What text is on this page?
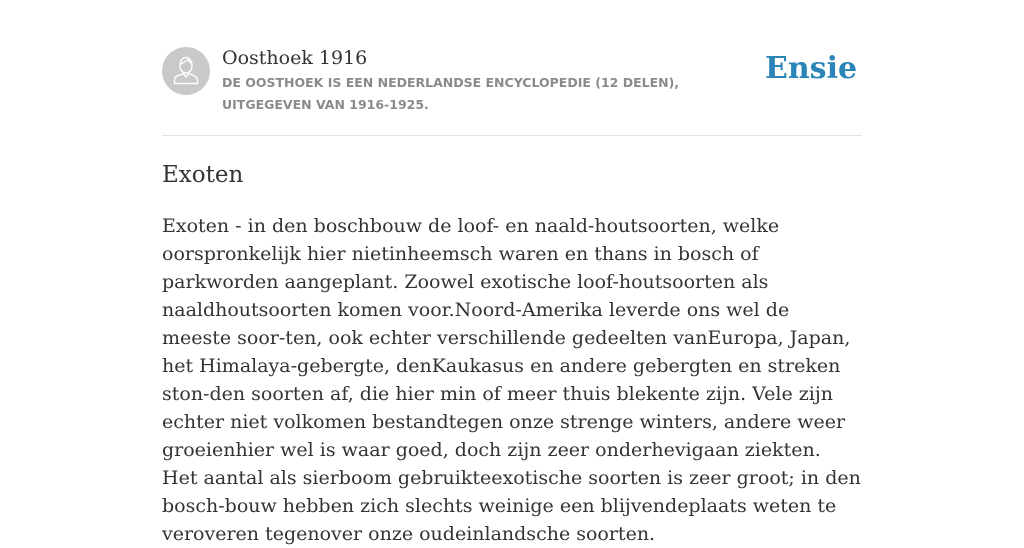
Oosthoek 1916
DE OOSTHOEK IS EEN NEDERLANDSE ENCYCLOPEDIE (12 DELEN), UITGEGEVEN VAN 1916-1925.
Ensie
Exoten

Exoten - in den boschbouw de loof- en naald-houtsoorten, welke oorspronkelijk hier nietinheemsch waren en thans in bosch of parkworden aangeplant. Zoowel exotische loof-houtsoorten als naaldhoutsoorten komen voor.Noord-Amerika leverde ons wel de meeste soor-ten, ook echter verschillende gedeelten vanEuropa, Japan, het Himalaya-gebergte, denKaukasus en andere gebergten en streken ston-den soorten af, die hier min of meer thuis blekente zijn. Vele zijn echter niet volkomen bestandtegen onze strenge winters, andere weer groeienhier wel is waar goed, doch zijn zeer onderhevigaan ziekten. Het aantal als sierboom gebruikteexotische soorten is zeer groot; in den bosch-bouw hebben zich slechts weinige een blijvendeplaats weten te veroveren tegenover onze oudeinlandsche soorten.
